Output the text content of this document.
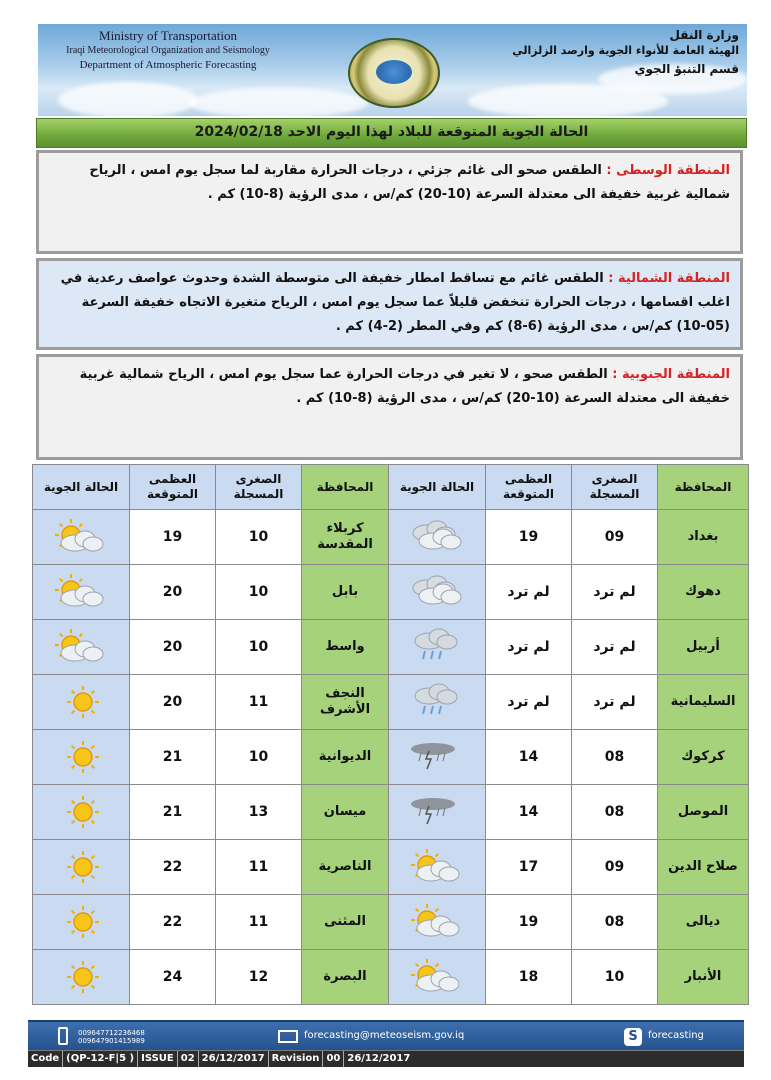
Ministry of Transportation
Iraqi Meteorological Organization and Seismology
Department of Atmospheric Forecasting
وزارة النقل
الهيئة العامة للأنواء الجوية وارصد الزلزالي
قسم التنبؤ الجوي
الحالة الجوية المتوقعة للبلاد لهذا اليوم الاحد 2024/02/18
المنطقة الوسطى : الطقس صحو الى غائم جزئي ، درجات الحرارة مقاربة لما سجل يوم امس ، الرياح شمالية غربية خفيفة الى معتدلة السرعة (10-20) كم/س ، مدى الرؤية (8-10) كم .
المنطقة الشمالية : الطقس غائم مع تساقط امطار خفيفة الى متوسطة الشدة وحدوث عواصف رعدية في اغلب اقسامها ، درجات الحرارة تنخفض قليلاً عما سجل يوم امس ، الرياح متغيرة الاتجاه خفيفة السرعة (05-10) كم/س ، مدى الرؤية (6-8) كم وفي المطر (2-4) كم .
المنطقة الجنوبية : الطقس صحو ، لا تغير في درجات الحرارة عما سجل يوم امس ، الرياح شمالية غربية خفيفة الى معتدلة السرعة (10-20) كم/س ، مدى الرؤية (8-10) كم .
الحالة الجوية	العظمى المتوقعة	الصغرى المسجلة	المحافظة	الحالة الجوية	العظمى المتوقعة	الصغرى المسجلة	المحافظة
	19	10	كربلاء المقدسة		19	09	بغداد
	20	10	بابل		لم ترد	لم ترد	دهوك
	20	10	واسط		لم ترد	لم ترد	أربيل
	20	11	النجف الأشرف		لم ترد	لم ترد	السليمانية
	21	10	الديوانية		14	08	كركوك
	21	13	ميسان		14	08	الموصل
	22	11	الناصرية		17	09	صلاح الدين
	22	11	المثنى		19	08	ديالى
	24	12	البصرة		18	10	الأنبار
009647712236468
009647901415989	forecasting@meteoseism.gov.iq	S	forecasting
Code (QP-12-F|5 ) ISSUE 02 26/12/2017 Revision 00 26/12/2017
